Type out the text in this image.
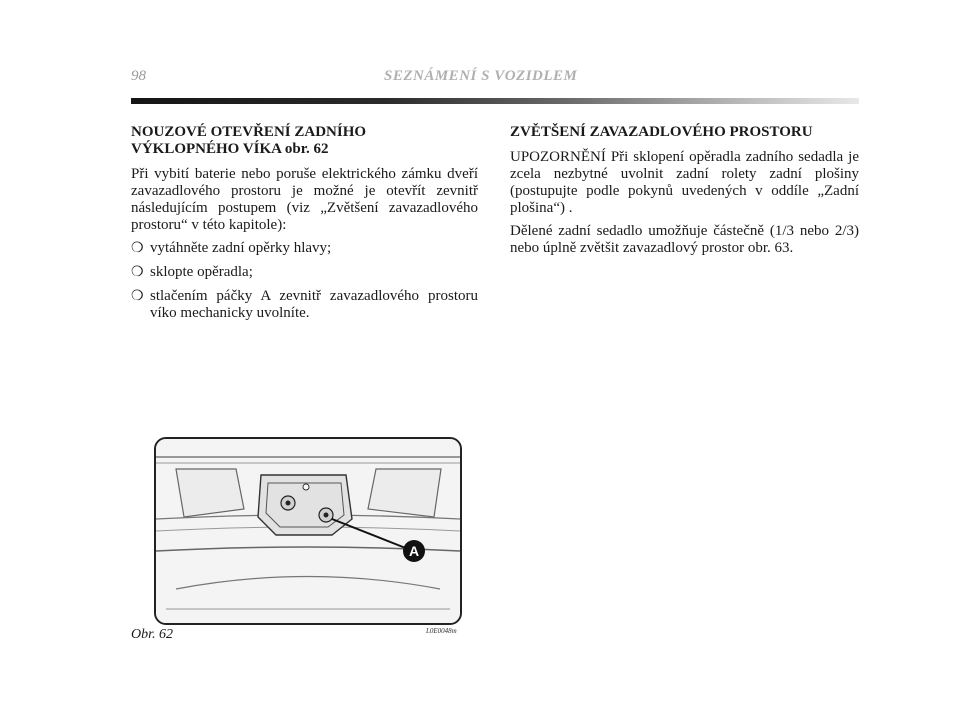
98	SEZNÁMENÍ S VOZIDLEM
NOUZOVÉ OTEVŘENÍ ZADNÍHO
VÝKLOPNÉHO VÍKA obr. 62

Při vybití baterie nebo poruše elektrického zámku dveří zavazadlového prostoru je možné je otevřít zevnitř následujícím postupem (viz „Zvětšení zavazadlového prostoru“ v této kapitole):

❍ vytáhněte zadní opěrky hlavy;
❍ sklopte opěradla;
❍ stlačením páčky A zevnitř zavazadlového prostoru víko mechanicky uvolníte.
ZVĚTŠENÍ ZAVAZADLOVÉHO PROSTORU

UPOZORNĚNÍ Při sklopení opěradla zadního sedadla je zcela nezbytné uvolnit zadní rolety zadní plošiny (postupujte podle pokynů uvedených v oddíle „Zadní plošina“) .

Dělené zadní sedadlo umožňuje částečně (1/3 nebo 2/3) nebo úplně zvětšit zavazadlový prostor obr. 63.

A
Obr. 62	L0E0048m
